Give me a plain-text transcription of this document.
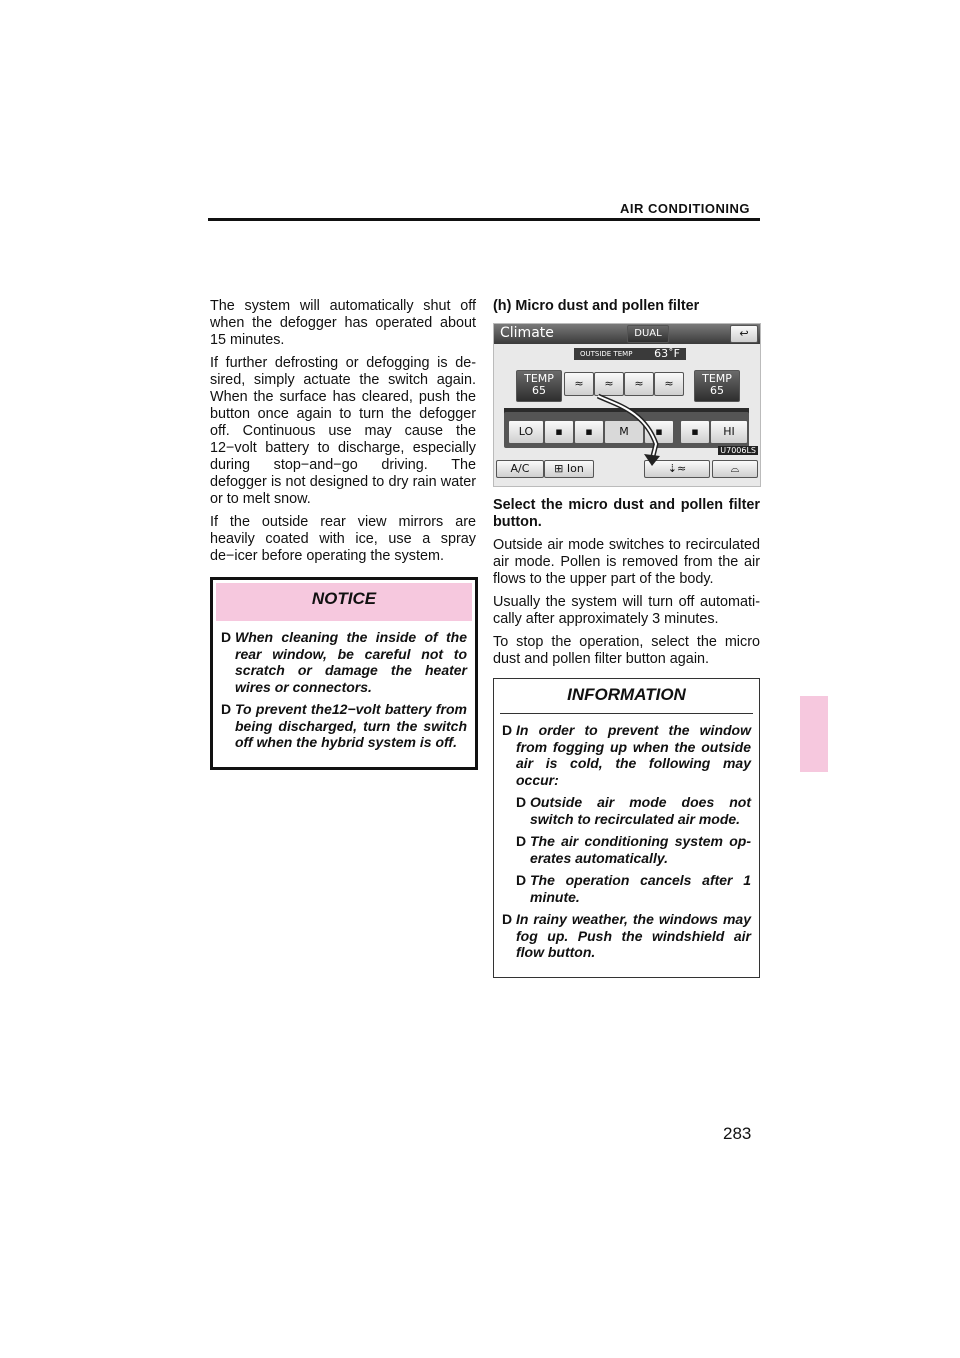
AIR CONDITIONING

The system will automatically shut off when the defogger has operated about 15 minutes.

If further defrosting or defogging is de-sired, simply actuate the switch again. When the surface has cleared, push the button once again to turn the defogger off. Continuous use may cause the 12−volt battery to discharge, especially during stop−and−go driving. The defogger is not designed to dry rain water or to melt snow.

If the outside rear view mirrors are heavily coated with ice, use a spray de−icer before operating the system.

NOTICE
D When cleaning the inside of the rear window, be careful not to scratch or damage the heater wires or connectors.
D To prevent the12−volt battery from being discharged, turn the switch off when the hybrid system is off.
(h) Micro dust and pollen filter
Climate	DUAL	↩
OUTSIDE TEMP 63˚F
TEMP
65
TEMP
65
≈	≈	≈	≈
LO	▪	▪	M	▪	▪	HI
U7006LS
A/C	⊞ Ion	⇣≈	⌓

Select the micro dust and pollen filter button.

Outside air mode switches to recirculated air mode. Pollen is removed from the air flows to the upper part of the body.

Usually the system will turn off automati-cally after approximately 3 minutes.

To stop the operation, select the micro dust and pollen filter button again.

INFORMATION
D In order to prevent the window from fogging up when the outside air is cold, the following may occur:
D Outside air mode does not switch to recirculated air mode.
D The air conditioning system op-erates automatically.
D The operation cancels after 1 minute.
D In rainy weather, the windows may fog up. Push the windshield air flow button.
283
